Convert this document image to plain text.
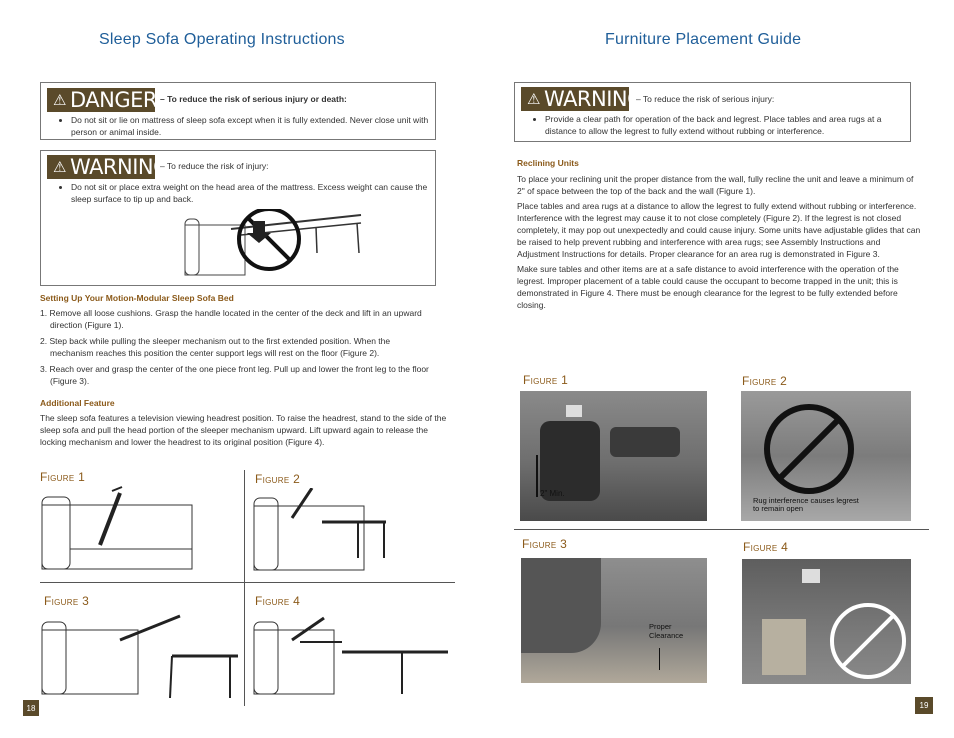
Sleep Sofa Operating Instructions
⚠ DANGER – To reduce the risk of serious injury or death:
• Do not sit or lie on mattress of sleep sofa except when it is fully extended. Never close unit with person or animal inside.
⚠ WARNING
– To reduce the risk of injury:
• Do not sit or place extra weight on the head area of the mattress. Excess weight can cause the sleep surface to tip up and back.
Setting Up Your Motion-Modular Sleep Sofa Bed
1. Remove all loose cushions. Grasp the handle located in the center of the deck and lift in an upward direction (Figure 1).
2. Step back while pulling the sleeper mechanism out to the first extended position. When the mechanism reaches this position the center support legs will rest on the floor (Figure 2).
3. Reach over and grasp the center of the one piece front leg. Pull up and lower the front leg to the floor (Figure 3).
Additional Feature
The sleep sofa features a television viewing headrest position. To raise the headrest, stand to the side of the sleep sofa and pull the head portion of the sleeper mechanism upward. Lift upward again to release the locking mechanism and lower the headrest to its original position (Figure 4).
Figure 1	Figure 2
Figure 3	Figure 4
18
Furniture Placement Guide
⚠ WARNING
– To reduce the risk of serious injury:
• Provide a clear path for operation of the back and legrest. Place tables and area rugs at a distance to allow the legrest to fully extend without rubbing or interference.
Reclining Units
To place your reclining unit the proper distance from the wall, fully recline the unit and leave a minimum of 2" of space between the top of the back and the wall (Figure 1).
Place tables and area rugs at a distance to allow the legrest to fully extend without rubbing or interference. Interference with the legrest may cause it to not close completely (Figure 2). If the legrest is not closed completely, it may pop out unexpectedly and could cause injury. Some units have adjustable glides that can be raised to help prevent rubbing and interference with area rugs; see Assembly Instructions and Adjustment Instructions for details. Proper clearance for an area rug is demonstrated in Figure 3.
Make sure tables and other items are at a safe distance to avoid interference with the operation of the legrest. Improper placement of a table could cause the occupant to become trapped in the unit; this is demonstrated in Figure 4. There must be enough clearance for the legrest to be fully extended before closing.
Figure 1
2" Min.
Figure 2
Rug interference causes legrest to remain open
Figure 3
Proper Clearance
Figure 4
19
